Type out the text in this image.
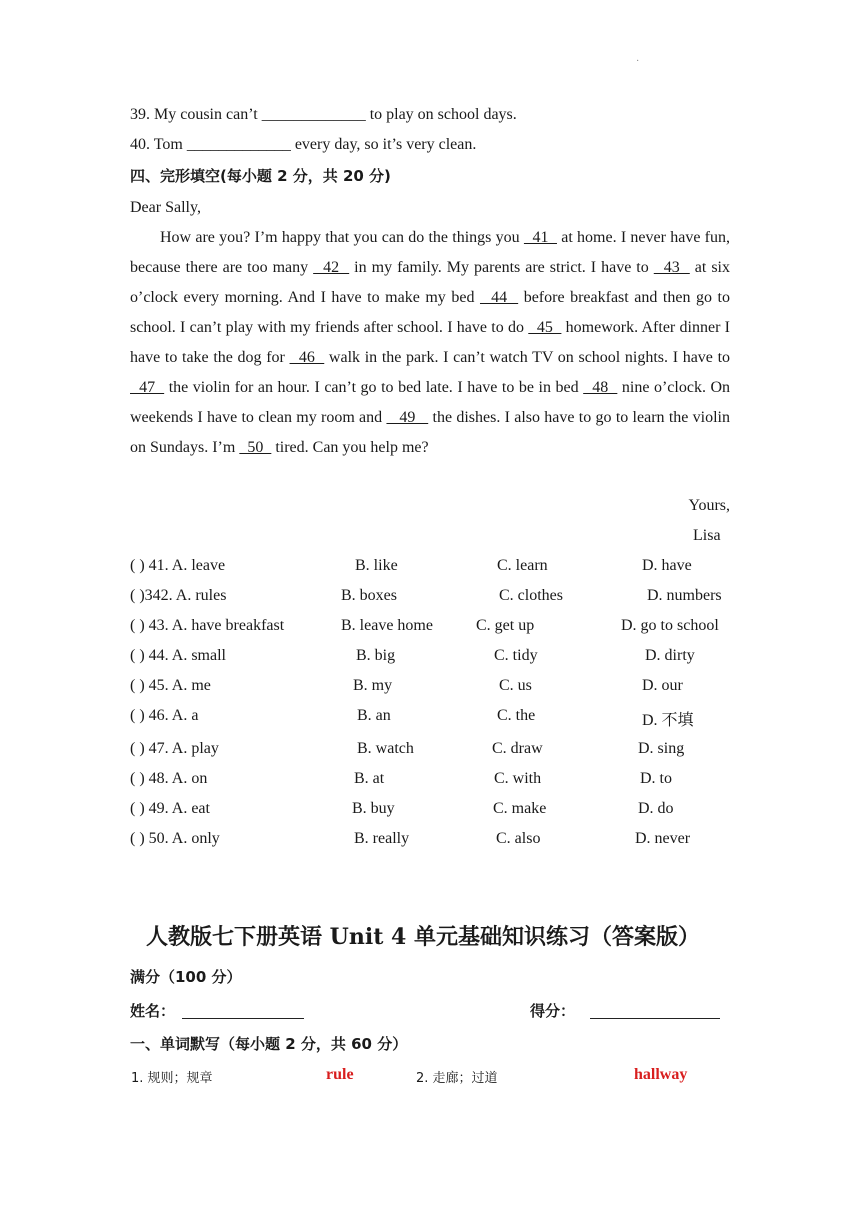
·
39. My cousin can’t _____________ to play on school days.
40. Tom _____________ every day, so it’s very clean.
四、完形填空(每小题 2 分，共 20 分)
Dear Sally,
How are you? I’m happy that you can do the things you   41   at home. I never have fun, because there are too many   42   in my family. My parents are strict. I have to   43   at six o’clock every morning. And I have to make my bed   44   before breakfast and then go to school. I can’t play with my friends after school. I have to do   45   homework. After dinner I have to take the dog for   46   walk in the park. I can’t watch TV on school nights. I have to   47   the violin for an hour. I can’t go to bed late. I have to be in bed   48   nine o’clock. On weekends I have to clean my room and    49    the dishes. I also have to go to learn the violin on Sundays. I’m   50   tired. Can you help me?
Yours,
Lisa
( ) 41. A. leave	B. like	C. learn	D. have
( )342. A. rules	B. boxes	C. clothes	D. numbers
( ) 43. A. have breakfast	B. leave home	C. get up	D. go to school
( ) 44. A. small	B. big	C. tidy	D. dirty
( ) 45. A. me	B. my	C. us	D. our
( ) 46. A. a	B. an	C. the	D. 不填
( ) 47. A. play	B. watch	C. draw	D. sing
( ) 48. A. on	B. at	C. with	D. to
( ) 49. A. eat	B. buy	C. make	D. do
( ) 50. A. only	B. really	C. also	D. never
人教版七下册英语 Unit 4 单元基础知识练习（答案版）
满分（100 分）
姓名：	得分：
一、单词默写（每小题 2 分，共 60 分）
1. 规则；规章	rule	2. 走廊；过道	hallway
